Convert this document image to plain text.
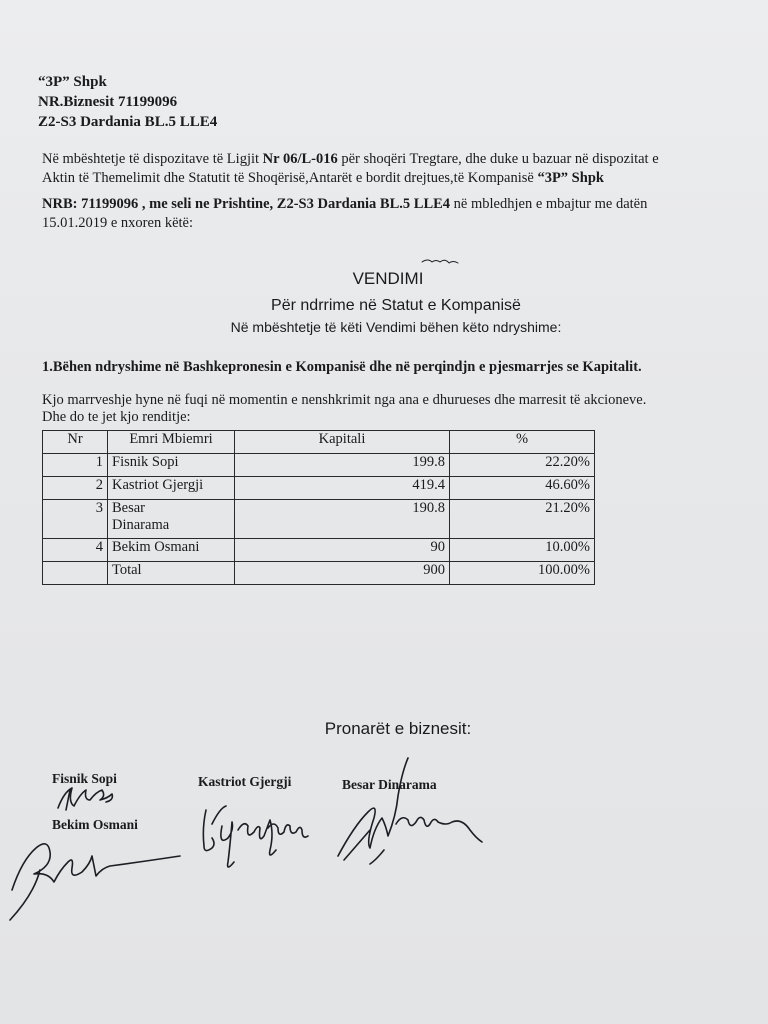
“3P” Shpk
NR.Biznesit 71199096
Z2-S3 Dardania BL.5 LLE4
Në mbështetje të dispozitave të Ligjit Nr 06/L-016 për shoqëri Tregtare, dhe duke u bazuar në dispozitat e
Aktin të Themelimit dhe Statutit të Shoqërisë,Antarët e bordit drejtues,të Kompanisë “3P” Shpk
NRB: 71199096 , me seli ne Prishtine, Z2-S3 Dardania BL.5 LLE4 në mbledhjen e mbajtur me datën
15.01.2019 e nxoren këtë:
VENDIMI
Për ndrrime në Statut e Kompanisë
Në mbështetje të këti Vendimi bëhen këto ndryshime:
1.Bëhen ndryshime në Bashkepronesin e Kompanisë dhe në perqindjn e pjesmarrjes se Kapitalit.
Kjo marrveshje hyne në fuqi në momentin e nenshkrimit nga ana e dhurueses dhe marresit të akcioneve.
Dhe do te jet kjo renditje:
Nr	Emri Mbiemri	Kapitali	%
1	Fisnik Sopi	199.8	22.20%
2	Kastriot Gjergji	419.4	46.60%
3	Besar
Dinarama	190.8	21.20%
4	Bekim Osmani	90	10.00%
	Total	900	100.00%
Pronarët e biznesit:
Fisnik Sopi	Kastriot Gjergji	Besar Dinarama
Bekim Osmani
